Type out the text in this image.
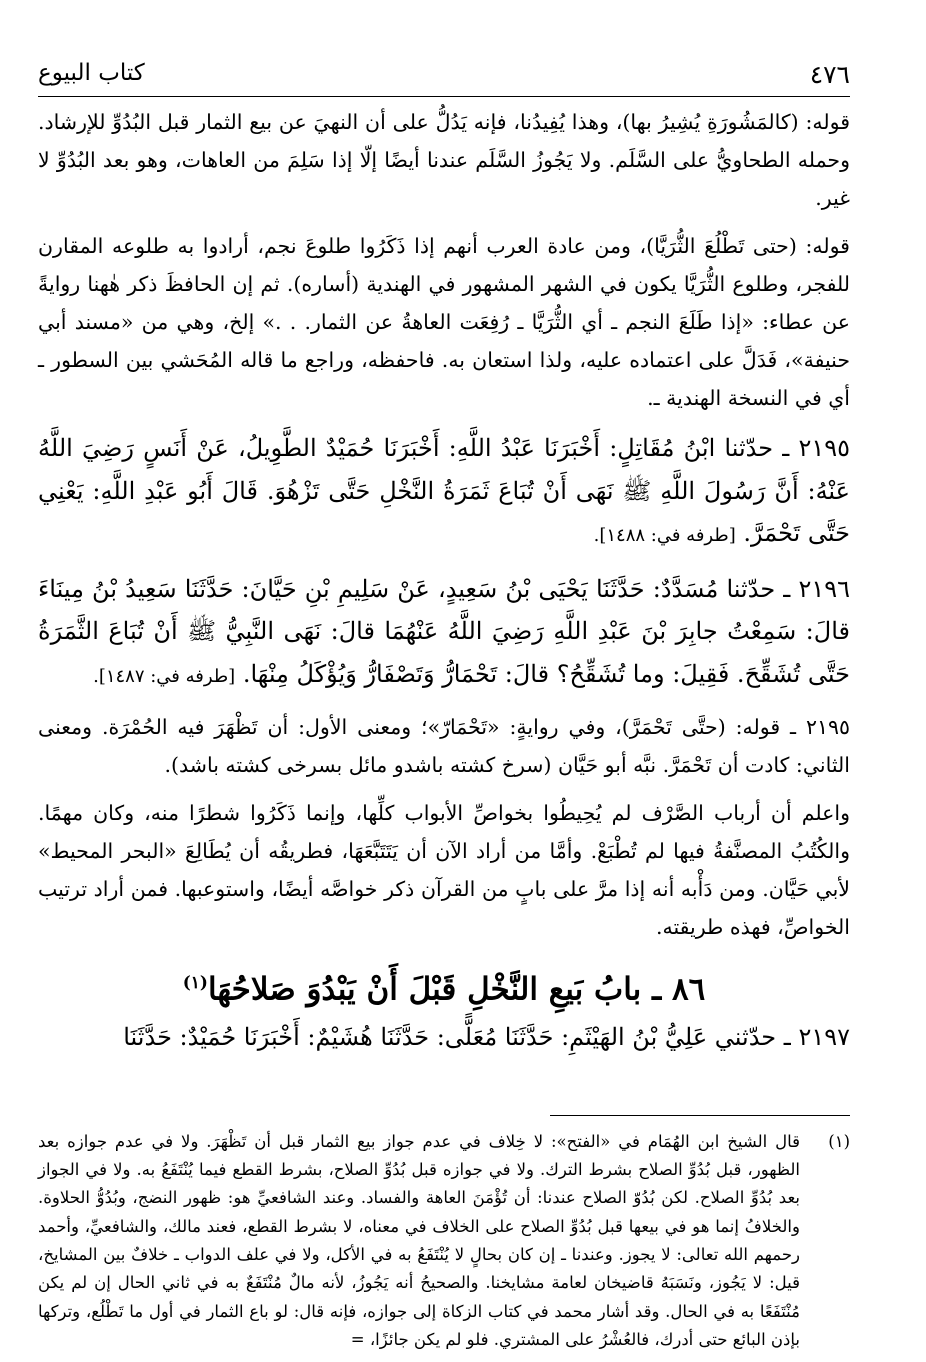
٤٧٦
كتاب البيوع

قوله: (كالمَشُورَةِ يُشِيرُ بها)، وهذا يُفِيدُنا، فإنه يَدُلُّ على أن النهيَ عن بيع الثمار قبل البُدُوِّ للإرشاد. وحمله الطحاويُّ على السَّلَم. ولا يَجُوزُ السَّلَم عندنا أيضًا إلّا إذا سَلِمَ من العاهات، وهو بعد البُدُوِّ لا غير.

قوله: (حتى تَطْلُعَ الثُّرَيَّا)، ومن عادة العرب أنهم إذا ذَكَرُوا طلوعَ نجم، أرادوا به طلوعه المقارن للفجر، وطلوع الثُّرَيَّا يكون في الشهر المشهور في الهندية (أساره). ثم إن الحافظَ ذكر هٰهنا روايةً عن عطاء: «إذا طَلَعَ النجم ـ أي الثُّرَيَّا ـ رُفِعَت العاهةُ عن الثمار. . .» إلخ، وهي من «مسند أبي حنيفة»، فَدَلَّ على اعتماده عليه، ولذا استعان به. فاحفظه، وراجع ما قاله المُحَشي بين السطور ـ أي في النسخة الهندية ـ.

٢١٩٥ ـ حدّثنا ابْنُ مُقَاتِلٍ: أَخْبَرَنَا عَبْدُ اللَّهِ: أَخْبَرَنَا حُمَيْدٌ الطَّوِيلُ، عَنْ أَنَسٍ رَضِيَ اللَّهُ عَنْهُ: أَنَّ رَسُولَ اللَّهِ ﷺ نَهَى أَنْ تُبَاعَ ثَمَرَةُ النَّخْلِ حَتَّى تَزْهُوَ. قَالَ أَبُو عَبْدِ اللَّهِ: يَعْنِي حَتَّى تَحْمَرَّ. [طرفه في: ١٤٨٨].

٢١٩٦ ـ حدّثنا مُسَدَّدٌ: حَدَّثَنَا يَحْيَى بْنُ سَعِيدٍ، عَنْ سَلِيمِ بْنِ حَيَّانَ: حَدَّثَنَا سَعِيدُ بْنُ مِينَاءَ قالَ: سَمِعْتُ جابِرَ بْنَ عَبْدِ اللَّهِ رَضِيَ اللَّهُ عَنْهُمَا قالَ: نَهَى النَّبِيُّ ﷺ أَنْ تُبَاعَ الثَّمَرَةُ حَتَّى تُشَقِّحَ. فَقِيلَ: وما تُشَقِّحُ؟ قالَ: تَحْمَارُّ وَتَصْفَارُّ وَيُؤْكَلُ مِنْهَا. [طرفه في: ١٤٨٧].

٢١٩٥ ـ قوله: (حتَّى تَحْمَرَّ)، وفي روايةٍ: «تَحْمَارّ»؛ ومعنى الأول: أن تَظْهَرَ فيه الحُمْرَة. ومعنى الثاني: كادت أن تَحْمَرَّ. نبَّه أبو حَيَّان (سرخ كشته باشدو مائل بسرخى كشته باشد).

واعلم أن أرباب الصَّرْف لم يُحِيطُوا بخواصِّ الأبواب كلِّها، وإنما ذَكَرُوا شطرًا منه، وكان مهمًا. والكُتُبُ المصنَّفةُ فيها لم تُطْبَعْ. وأمَّا من أراد الآن أن يَتَتَبَّعَهَا، فطريقُه أن يُطَالِعَ «البحر المحيط» لأبي حَيَّان. ومن دَأْبه أنه إذا مرَّ على بابٍ من القرآن ذكر خواصَّه أيضًا، واستوعبها. فمن أراد ترتيب الخواصِّ، فهذه طريقته.

٨٦ ـ بابُ بَيعِ النَّخْلِ قَبْلَ أَنْ يَبْدُوَ صَلاحُهَا$^{(١)}$

٢١٩٧ ـ حدّثني عَلِيُّ بْنُ الهَيْثَمِ: حَدَّثَنَا مُعَلًّى: حَدَّثَنَا هُشَيْمٌ: أَخْبَرَنَا حُمَيْدٌ: حَدَّثَنَا

(١)
قال الشيخ ابن الهُمَام في «الفتح»: لا خِلاف في عدم جواز بيع الثمار قبل أن تَظْهَرَ. ولا في عدم جوازه بعد الظهور، قبل بُدُوِّ الصلاح بشرط الترك. ولا في جوازه قبل بُدُوِّ الصلاح، بشرط القطع فيما يُنْتَفَعُ به. ولا في الجواز بعد بُدُوِّ الصلاح. لكن بُدُوّ الصلاح عندنا: أن تُؤْمَنَ العاهة والفساد. وعند الشافعيِّ هو: ظهور النضج، وبُدُوُّ الحلاوة. والخلافُ إنما هو في بيعها قبل بُدُوِّ الصلاح على الخلاف في معناه، لا بشرط القطع، فعند مالك، والشافعيِّ، وأحمد رحمهم الله تعالى: لا يجوز. وعندنا ـ إن كان بحالٍ لا يُنْتَفَعُ به في الأكل، ولا في علف الدواب ـ خلافٌ بين المشايخ، قيل: لا يَجُوز، ونَسَبَهُ قاضيخان لعامة مشايخنا. والصحيحُ أنه يَجُوزُ، لأنه مالٌ مُنْتَفَعٌ به في ثاني الحال إن لم يكن مُنْتَفَعًا به في الحال. وقد أشار محمد في كتاب الزكاة إلى جوازه، فإنه قال: لو باع الثمار في أول ما تَطْلُع، وتركها بإذن البائع حتى أدرك، فالعُشْرُ على المشتري. فلو لم يكن جائزًا، =
